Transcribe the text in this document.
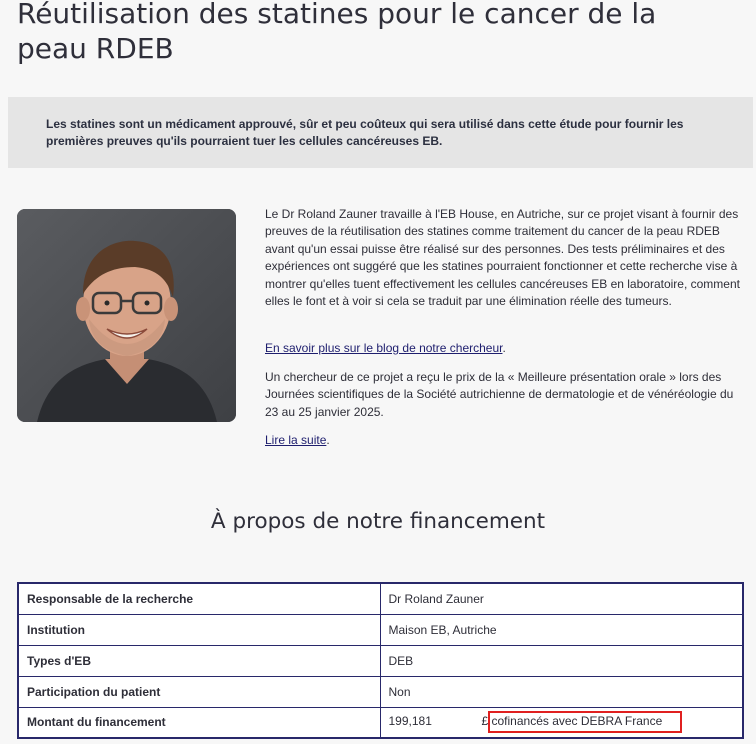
Réutilisation des statines pour le cancer de la peau RDEB
Les statines sont un médicament approuvé, sûr et peu coûteux qui sera utilisé dans cette étude pour fournir les premières preuves qu'ils pourraient tuer les cellules cancéreuses EB.

Le Dr Roland Zauner travaille à l'EB House, en Autriche, sur ce projet visant à fournir des preuves de la réutilisation des statines comme traitement du cancer de la peau RDEB avant qu'un essai puisse être réalisé sur des personnes. Des tests préliminaires et des expériences ont suggéré que les statines pourraient fonctionner et cette recherche vise à montrer qu'elles tuent effectivement les cellules cancéreuses EB en laboratoire, comment elles le font et à voir si cela se traduit par une élimination réelle des tumeurs.

En savoir plus sur le blog de notre chercheur.

Un chercheur de ce projet a reçu le prix de la « Meilleure présentation orale » lors des Journées scientifiques de la Société autrichienne de dermatologie et de vénéréologie du 23 au 25 janvier 2025.

Lire la suite.

À propos de notre financement
Responsable de la recherche	Dr Roland Zauner
Institution	Maison EB, Autriche
Types d'EB	DEB
Participation du patient	Non
Montant du financement	199,181 £ cofinancés avec DEBRA France
